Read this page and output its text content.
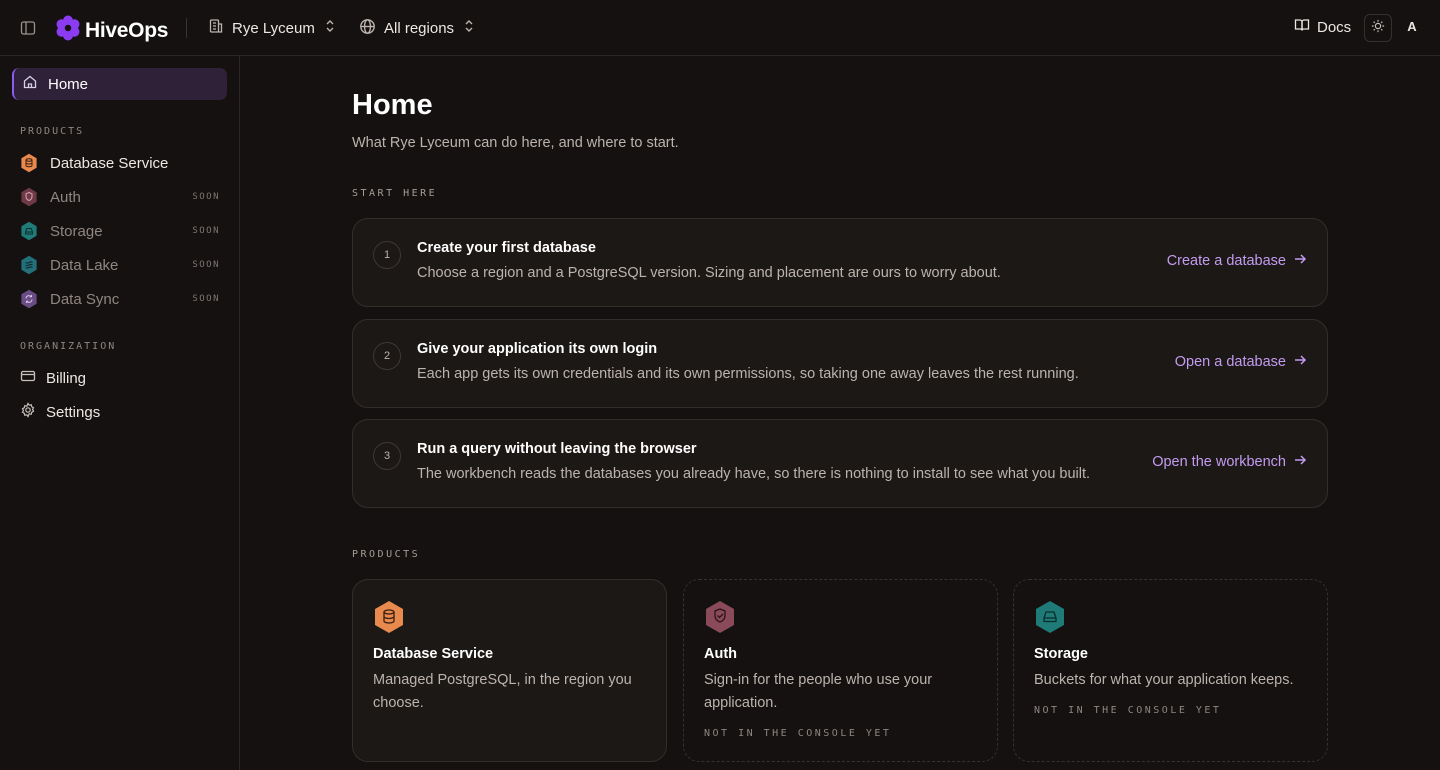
HiveOps	Rye Lyceum	All regions	Docs	A
Home
PRODUCTS
Database Service
Auth	SOON
Storage	SOON
Data Lake	SOON
Data Sync	SOON
ORGANIZATION
Billing
Settings
Home
What Rye Lyceum can do here, and where to start.
START HERE
1	Create your first database
Choose a region and a PostgreSQL version. Sizing and placement are ours to worry about.
Create a database
2	Give your application its own login
Each app gets its own credentials and its own permissions, so taking one away leaves the rest running.
Open a database
3	Run a query without leaving the browser
The workbench reads the databases you already have, so there is nothing to install to see what you built.
Open the workbench
PRODUCTS
Database Service
Managed PostgreSQL, in the region you choose.
Auth
Sign-in for the people who use your application.
NOT IN THE CONSOLE YET
Storage
Buckets for what your application keeps.
NOT IN THE CONSOLE YET
